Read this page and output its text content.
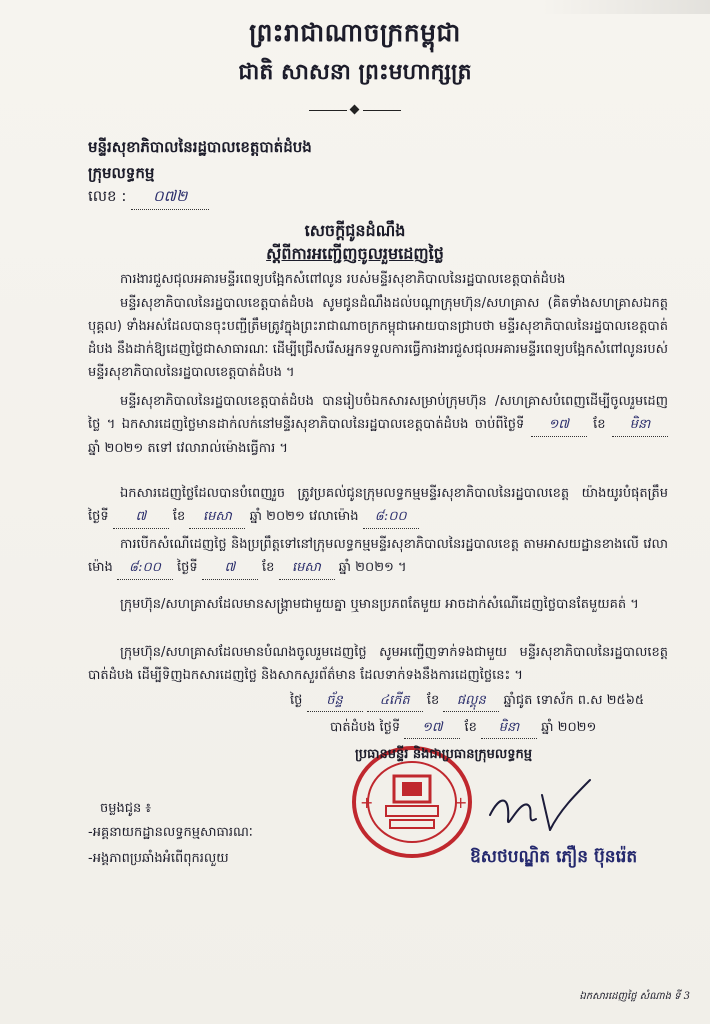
ព្រះរាជាណាចក្រកម្ពុជា
ជាតិ សាសនា ព្រះមហាក្សត្រ
មន្ទីរសុខាភិបាលនៃរដ្ឋបាលខេត្តបាត់ដំបង
ក្រុមលទ្ធកម្ម
លេខ : ០៧២
សេចក្តីជូនដំណឹង
ស្តីពីការអញ្ជើញចូលរួមដេញថ្លៃ
ការងារជួសជុលអគារមន្ទីរពេទ្យបង្អែកសំពៅលូន របស់មន្ទីរសុខាភិបាលនៃរដ្ឋបាលខេត្តបាត់ដំបង
មន្ទីរសុខាភិបាលនៃរដ្ឋបាលខេត្តបាត់ដំបង សូមជូនដំណឹងដល់បណ្តាក្រុមហ៊ុន/សហគ្រាស (គិតទាំងសហគ្រាសឯកត្តបុគ្គល) ទាំងអស់ដែលបានចុះបញ្ជីត្រឹមត្រូវក្នុងព្រះរាជាណាចក្រកម្ពុជាអោយបានជ្រាបថា មន្ទីរសុខាភិបាលនៃរដ្ឋបាលខេត្តបាត់ដំបង នឹងដាក់ឱ្យដេញថ្លៃជាសាធារណៈ ដើម្បីជ្រើសរើសអ្នកទទួលការធ្វើការងារជួសជុលអគារមន្ទីរពេទ្យបង្អែកសំពៅលូនរបស់មន្ទីរសុខាភិបាលនៃរដ្ឋបាលខេត្តបាត់ដំបង ។
មន្ទីរសុខាភិបាលនៃរដ្ឋបាលខេត្តបាត់ដំបង បានរៀបចំឯកសារសម្រាប់ក្រុមហ៊ុន /សហគ្រាសបំពេញដើម្បីចូលរួមដេញថ្លៃ ។ ឯកសារដេញថ្លៃមានដាក់លក់នៅមន្ទីរសុខាភិបាលនៃរដ្ឋបាលខេត្តបាត់ដំបង ចាប់ពីថ្ងៃទី ១៧ ខែ មិនា ឆ្នាំ ២០២១ តទៅ វេលារាល់ម៉ោងធ្វើការ ។
ឯកសារដេញថ្លៃដែលបានបំពេញរួច ត្រូវប្រគល់ជូនក្រុមលទ្ធកម្មមន្ទីរសុខាភិបាលនៃរដ្ឋបាលខេត្ត យ៉ាងយូរបំផុតត្រឹមថ្ងៃទី ៧ ខែ មេសា ឆ្នាំ ២០២១ វេលាម៉ោង ៨:០០
ការបើកសំណើដេញថ្លៃ និងប្រព្រឹត្តទៅនៅក្រុមលទ្ធកម្មមន្ទីរសុខាភិបាលនៃរដ្ឋបាលខេត្ត តាមអាសយដ្ឋានខាងលើ វេលាម៉ោង ៨:០០ ថ្ងៃទី ៧ ខែ មេសា ឆ្នាំ ២០២១ ។
ក្រុមហ៊ុន/សហគ្រាសដែលមានសង្គ្រាមជាមួយគ្នា ឬមានប្រភពតែមួយ អាចដាក់សំណើដេញថ្លៃបានតែមួយគត់ ។
ក្រុមហ៊ុន/សហគ្រាសដែលមានបំណងចូលរួមដេញថ្លៃ សូមអញ្ជើញទាក់ទងជាមួយ មន្ទីរសុខាភិបាលនៃរដ្ឋបាលខេត្តបាត់ដំបង ដើម្បីទិញឯកសារដេញថ្លៃ និងសាកសួរព័ត៌មាន ដែលទាក់ទងនឹងការដេញថ្លៃនេះ ។
ថ្ងៃ ច័ន្ទ	៤កើត ខែ ផល្គុន ឆ្នាំជូត ទោស័ក ព.ស ២៥៦៥
បាត់ដំបង ថ្ងៃទី ១៧ ខែ មិនា ឆ្នាំ ២០២១
+	+
ប្រធានមន្ទីរ និងជាប្រធានក្រុមលទ្ធកម្ម
ឱសថបណ្ឌិត ភឿន ប៊ុនរ៉េត
ចម្លងជូន ៖
-អគ្គនាយកដ្ឋានលទ្ធកម្មសាធារណៈ
-អង្គភាពប្រឆាំងអំពើពុករលួយ
ឯកសារដេញថ្លៃ សំណាង ទី 3
